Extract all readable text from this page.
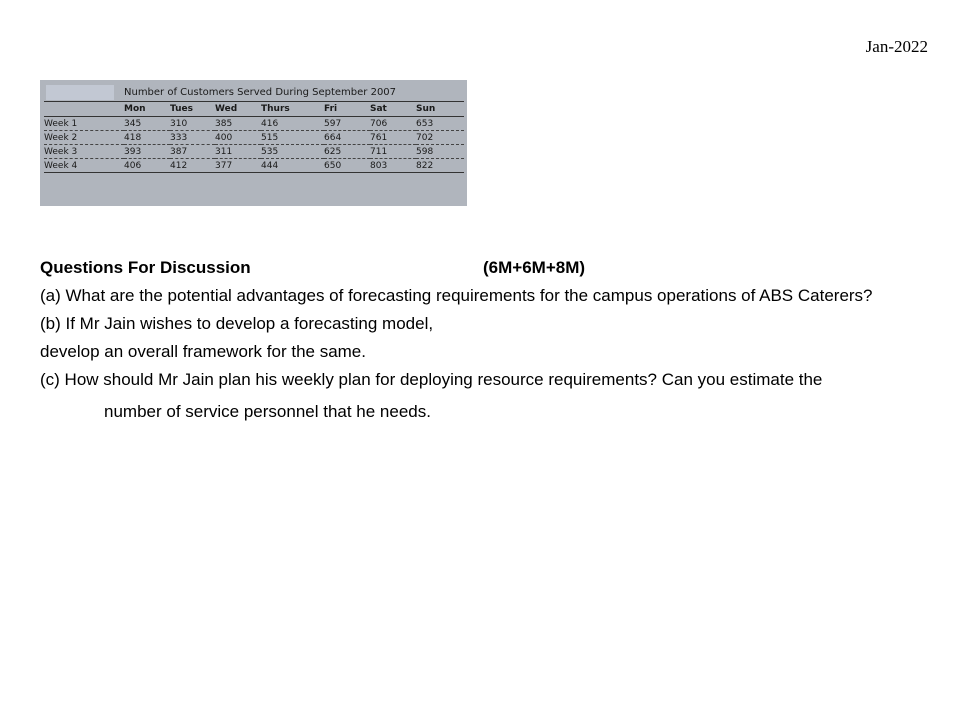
Jan-2022
	Number of Customers Served During September 2007						
	Mon	Tues	Wed	Thurs	Fri	Sat	Sun
Week 1	345	310	385	416	597	706	653
Week 2	418	333	400	515	664	761	702
Week 3	393	387	311	535	625	711	598
Week 4	406	412	377	444	650	803	822
Questions For Discussion	(6M+6M+8M)

(a) What are the potential advantages of forecasting requirements for the campus operations of ABS Caterers?

(b) If Mr Jain wishes to develop a forecasting model,

develop an overall framework for the same.

(c) How should Mr Jain plan his weekly plan for deploying resource requirements? Can you estimate the

number of service personnel that he needs.
